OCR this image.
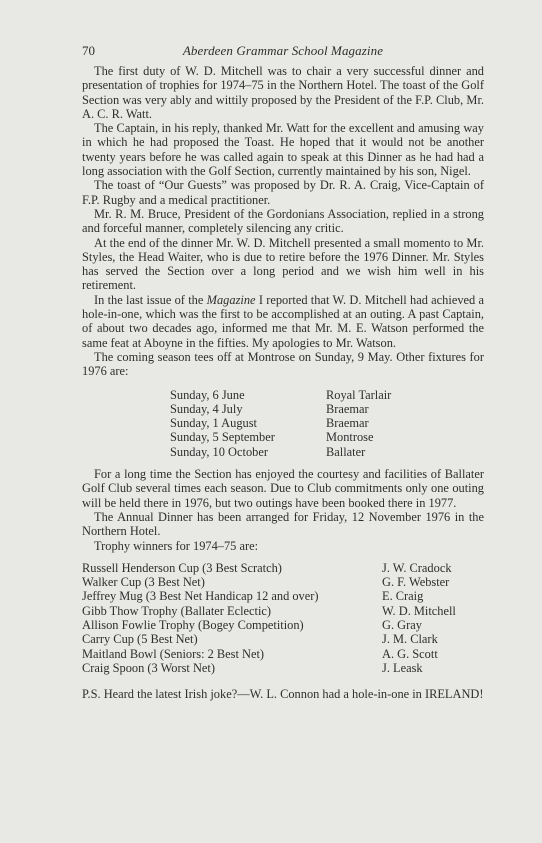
70	Aberdeen Grammar School Magazine

The first duty of W. D. Mitchell was to chair a very successful dinner and presentation of trophies for 1974–75 in the Northern Hotel. The toast of the Golf Section was very ably and wittily proposed by the President of the F.P. Club, Mr. A. C. R. Watt.

The Captain, in his reply, thanked Mr. Watt for the excellent and amusing way in which he had proposed the Toast. He hoped that it would not be another twenty years before he was called again to speak at this Dinner as he had had a long association with the Golf Section, currently maintained by his son, Nigel.

The toast of “Our Guests” was proposed by Dr. R. A. Craig, Vice-Captain of F.P. Rugby and a medical practitioner.

Mr. R. M. Bruce, President of the Gordonians Association, replied in a strong and forceful manner, completely silencing any critic.

At the end of the dinner Mr. W. D. Mitchell presented a small momento to Mr. Styles, the Head Waiter, who is due to retire before the 1976 Dinner. Mr. Styles has served the Section over a long period and we wish him well in his retirement.

In the last issue of the Magazine I reported that W. D. Mitchell had achieved a hole-in-one, which was the first to be accomplished at an outing. A past Captain, of about two decades ago, informed me that Mr. M. E. Watson performed the same feat at Aboyne in the fifties. My apologies to Mr. Watson.

The coming season tees off at Montrose on Sunday, 9 May. Other fixtures for 1976 are:

Sunday, 6 June	Royal Tarlair
Sunday, 4 July	Braemar
Sunday, 1 August	Braemar
Sunday, 5 September	Montrose
Sunday, 10 October	Ballater

For a long time the Section has enjoyed the courtesy and facilities of Ballater Golf Club several times each season. Due to Club commitments only one outing will be held there in 1976, but two outings have been booked there in 1977.

The Annual Dinner has been arranged for Friday, 12 November 1976 in the Northern Hotel.

Trophy winners for 1974–75 are:

Russell Henderson Cup (3 Best Scratch)	J. W. Cradock
Walker Cup (3 Best Net)	G. F. Webster
Jeffrey Mug (3 Best Net Handicap 12 and over)	E. Craig
Gibb Thow Trophy (Ballater Eclectic)	W. D. Mitchell
Allison Fowlie Trophy (Bogey Competition)	G. Gray
Carry Cup (5 Best Net)	J. M. Clark
Maitland Bowl (Seniors: 2 Best Net)	A. G. Scott
Craig Spoon (3 Worst Net)	J. Leask

P.S. Heard the latest Irish joke?—W. L. Connon had a hole-in-one in IRELAND!
